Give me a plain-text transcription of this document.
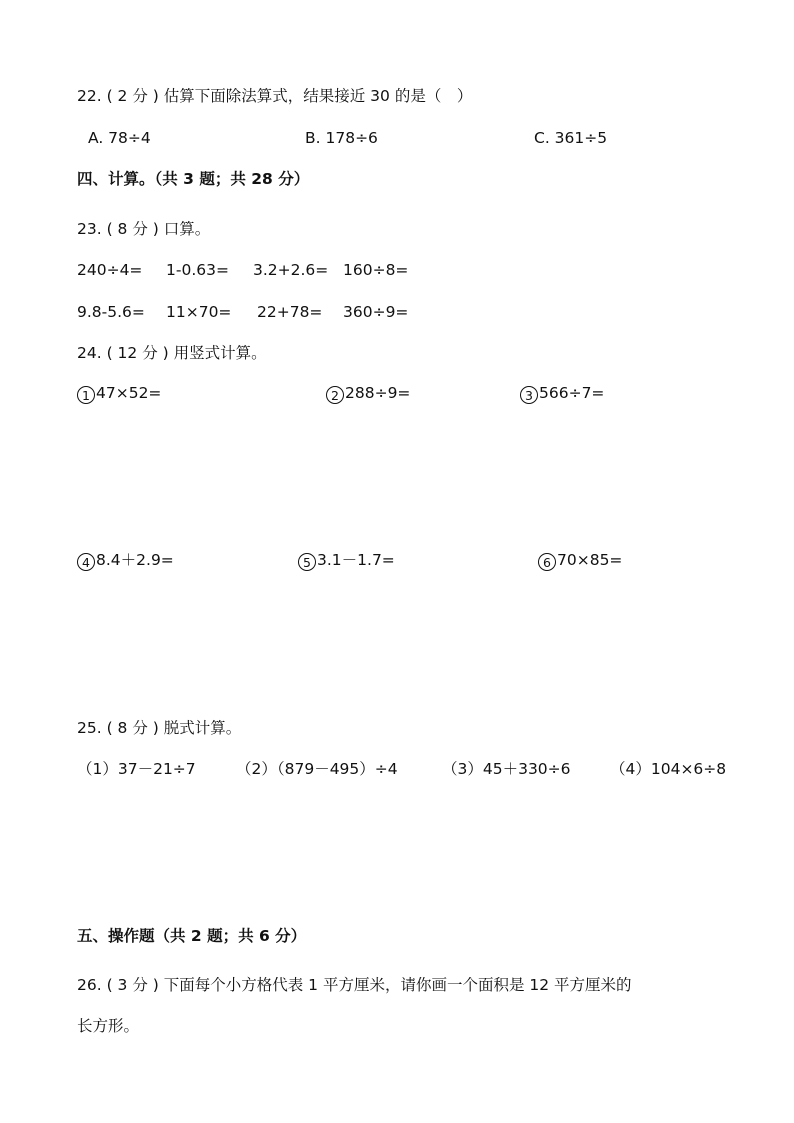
22. ( 2 分 ) 估算下面除法算式，结果接近 30 的是（　）
A. 78÷4	B. 178÷6	C. 361÷5
四、计算。（共 3 题；共 28 分）
23. ( 8 分 ) 口算。
240÷4= 1-0.63= 3.2+2.6= 160÷8=
9.8-5.6= 11×70= 22+78= 360÷9=
24. ( 12 分 ) 用竖式计算。
1 47×52=	2 288÷9=	3 566÷7=
4 8.4＋2.9=	5 3.1－1.7=	6 70×85=
25. ( 8 分 ) 脱式计算。
（1）37－21÷7	（2）（879－495）÷4	（3）45＋330÷6	（4）104×6÷8
五、操作题（共 2 题；共 6 分）
26. ( 3 分 ) 下面每个小方格代表 1 平方厘米，请你画一个面积是 12 平方厘米的
长方形。
